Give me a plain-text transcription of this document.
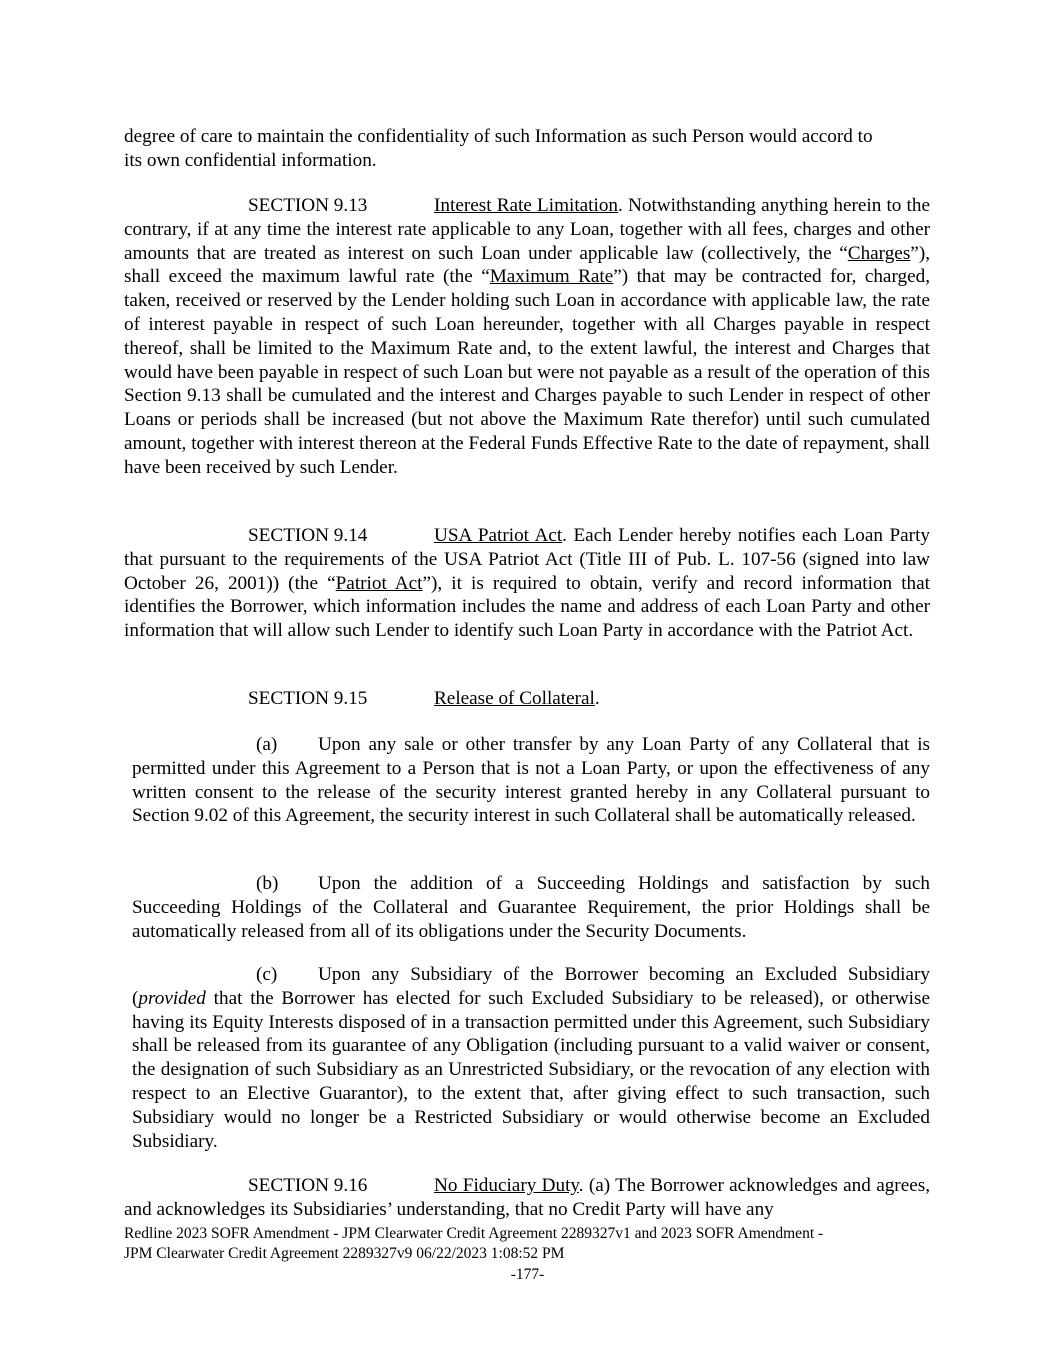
degree of care to maintain the confidentiality of such Information as such Person would accord to
its own confidential information.

SECTION 9.13	Interest Rate Limitation. Notwithstanding anything herein to the contrary, if at any time the interest rate applicable to any Loan, together with all fees, charges and other amounts that are treated as interest on such Loan under applicable law (collectively, the “Charges”), shall exceed the maximum lawful rate (the “Maximum Rate”) that may be contracted for, charged, taken, received or reserved by the Lender holding such Loan in accordance with applicable law, the rate of interest payable in respect of such Loan hereunder, together with all Charges payable in respect thereof, shall be limited to the Maximum Rate and, to the extent lawful, the interest and Charges that would have been payable in respect of such Loan but were not payable as a result of the operation of this Section 9.13 shall be cumulated and the interest and Charges payable to such Lender in respect of other Loans or periods shall be increased (but not above the Maximum Rate therefor) until such cumulated amount, together with interest thereon at the Federal Funds Effective Rate to the date of repayment, shall have been received by such Lender.

SECTION 9.14	USA Patriot Act. Each Lender hereby notifies each Loan Party that pursuant to the requirements of the USA Patriot Act (Title III of Pub. L. 107-56 (signed into law October 26, 2001)) (the “Patriot Act”), it is required to obtain, verify and record information that identifies the Borrower, which information includes the name and address of each Loan Party and other information that will allow such Lender to identify such Loan Party in accordance with the Patriot Act.

SECTION 9.15	Release of Collateral.

(a) Upon any sale or other transfer by any Loan Party of any Collateral that is permitted under this Agreement to a Person that is not a Loan Party, or upon the effectiveness of any written consent to the release of the security interest granted hereby in any Collateral pursuant to Section 9.02 of this Agreement, the security interest in such Collateral shall be automatically released.

(b) Upon the addition of a Succeeding Holdings and satisfaction by such Succeeding Holdings of the Collateral and Guarantee Requirement, the prior Holdings shall be automatically released from all of its obligations under the Security Documents.

(c) Upon any Subsidiary of the Borrower becoming an Excluded Subsidiary (provided that the Borrower has elected for such Excluded Subsidiary to be released), or otherwise having its Equity Interests disposed of in a transaction permitted under this Agreement, such Subsidiary shall be released from its guarantee of any Obligation (including pursuant to a valid waiver or consent, the designation of such Subsidiary as an Unrestricted Subsidiary, or the revocation of any election with respect to an Elective Guarantor), to the extent that, after giving effect to such transaction, such Subsidiary would no longer be a Restricted Subsidiary or would otherwise become an Excluded Subsidiary.

SECTION 9.16	No Fiduciary Duty. (a) The Borrower acknowledges and agrees, and acknowledges its Subsidiaries’ understanding, that no Credit Party will have any

Redline 2023 SOFR Amendment - JPM Clearwater Credit Agreement 2289327v1 and 2023 SOFR Amendment -
JPM Clearwater Credit Agreement 2289327v9 06/22/2023 1:08:52 PM
-177-
